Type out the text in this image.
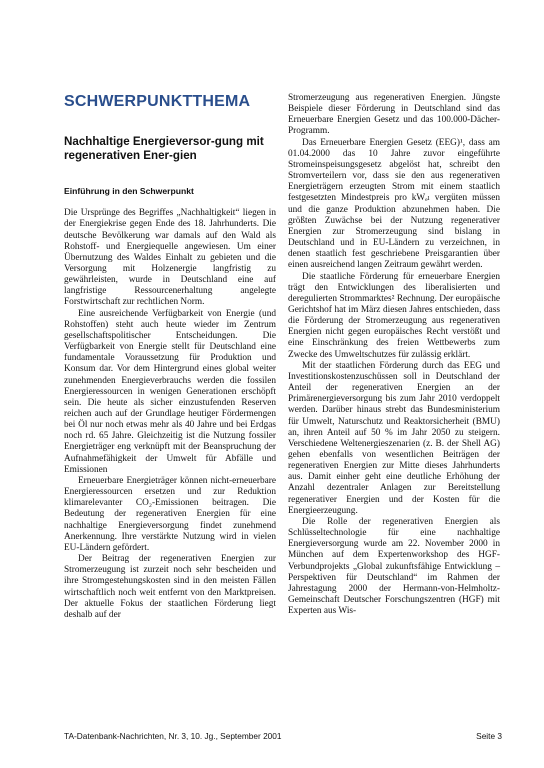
SCHWERPUNKTTHEMA
Nachhaltige Energieversor-gung mit regenerativen Ener-gien
Einführung in den Schwerpunkt

Die Ursprünge des Begriffes „Nachhaltigkeit“ liegen in der Energiekrise gegen Ende des 18. Jahrhunderts. Die deutsche Bevölkerung war damals auf den Wald als Rohstoff- und Energiequelle angewiesen. Um einer Übernutzung des Waldes Einhalt zu gebieten und die Versorgung mit Holzenergie langfristig zu gewährleisten, wurde in Deutschland eine auf langfristige Ressourcenerhaltung angelegte Forstwirtschaft zur rechtlichen Norm.

Eine ausreichende Verfügbarkeit von Energie (und Rohstoffen) steht auch heute wieder im Zentrum gesellschaftspolitischer Entscheidungen. Die Verfügbarkeit von Energie stellt für Deutschland eine fundamentale Voraussetzung für Produktion und Konsum dar. Vor dem Hintergrund eines global weiter zunehmenden Energieverbrauchs werden die fossilen Energieressourcen in wenigen Generationen erschöpft sein. Die heute als sicher einzustufenden Reserven reichen auch auf der Grundlage heutiger Fördermengen bei Öl nur noch etwas mehr als 40 Jahre und bei Erdgas noch rd. 65 Jahre. Gleichzeitig ist die Nutzung fossiler Energieträger eng verknüpft mit der Beanspruchung der Aufnahmefähigkeit der Umwelt für Abfälle und Emissionen

Erneuerbare Energieträger können nicht-erneuerbare Energieressourcen ersetzen und zur Reduktion klimarelevanter CO₂-Emissionen beitragen. Die Bedeutung der regenerativen Energien für eine nachhaltige Energieversorgung findet zunehmend Anerkennung. Ihre verstärkte Nutzung wird in vielen EU-Ländern gefördert.

Der Beitrag der regenerativen Energien zur Stromerzeugung ist zurzeit noch sehr bescheiden und ihre Stromgestehungskosten sind in den meisten Fällen wirtschaftlich noch weit entfernt von den Marktpreisen. Der aktuelle Fokus der staatlichen Förderung liegt deshalb auf der

Stromerzeugung aus regenerativen Energien. Jüngste Beispiele dieser Förderung in Deutschland sind das Erneuerbare Energien Gesetz und das 100.000-Dächer-Programm.

Das Erneuerbare Energien Gesetz (EEG)¹, dass am 01.04.2000 das 10 Jahre zuvor eingeführte Stromeinspeisungsgesetz abgelöst hat, schreibt den Stromverteilern vor, dass sie den aus regenerativen Energieträgern erzeugten Strom mit einem staatlich festgesetzten Mindestpreis pro kWₑₗ vergüten müssen und die ganze Produktion abzunehmen haben. Die größten Zuwächse bei der Nutzung regenerativer Energien zur Stromerzeugung sind bislang in Deutschland und in EU-Ländern zu verzeichnen, in denen staatlich fest geschriebene Preisgarantien über einen ausreichend langen Zeitraum gewährt werden.

Die staatliche Förderung für erneuerbare Energien trägt den Entwicklungen des liberalisierten und deregulierten Strommarktes² Rechnung. Der europäische Gerichtshof hat im März diesen Jahres entschieden, dass die Förderung der Stromerzeugung aus regenerativen Energien nicht gegen europäisches Recht verstößt und eine Einschränkung des freien Wettbewerbs zum Zwecke des Umweltschutzes für zulässig erklärt.

Mit der staatlichen Förderung durch das EEG und Investitionskostenzuschüssen soll in Deutschland der Anteil der regenerativen Energien an der Primärenergieversorgung bis zum Jahr 2010 verdoppelt werden. Darüber hinaus strebt das Bundesministerium für Umwelt, Naturschutz und Reaktorsicherheit (BMU) an, ihren Anteil auf 50 % im Jahr 2050 zu steigern. Verschiedene Weltenergieszenarien (z. B. der Shell AG) gehen ebenfalls von wesentlichen Beiträgen der regenerativen Energien zur Mitte dieses Jahrhunderts aus. Damit einher geht eine deutliche Erhöhung der Anzahl dezentraler Anlagen zur Bereitstellung regenerativer Energien und der Kosten für die Energieerzeugung.

Die Rolle der regenerativen Energien als Schlüsseltechnologie für eine nachhaltige Energieversorgung wurde am 22. November 2000 in München auf dem Expertenworkshop des HGF-Verbundprojekts „Global zukunftsfähige Entwicklung – Perspektiven für Deutschland“ im Rahmen der Jahrestagung 2000 der Hermann-von-Helmholtz-Gemeinschaft Deutscher Forschungszentren (HGF) mit Experten aus Wis-

TA-Datenbank-Nachrichten, Nr. 3, 10. Jg., September 2001	Seite 3
